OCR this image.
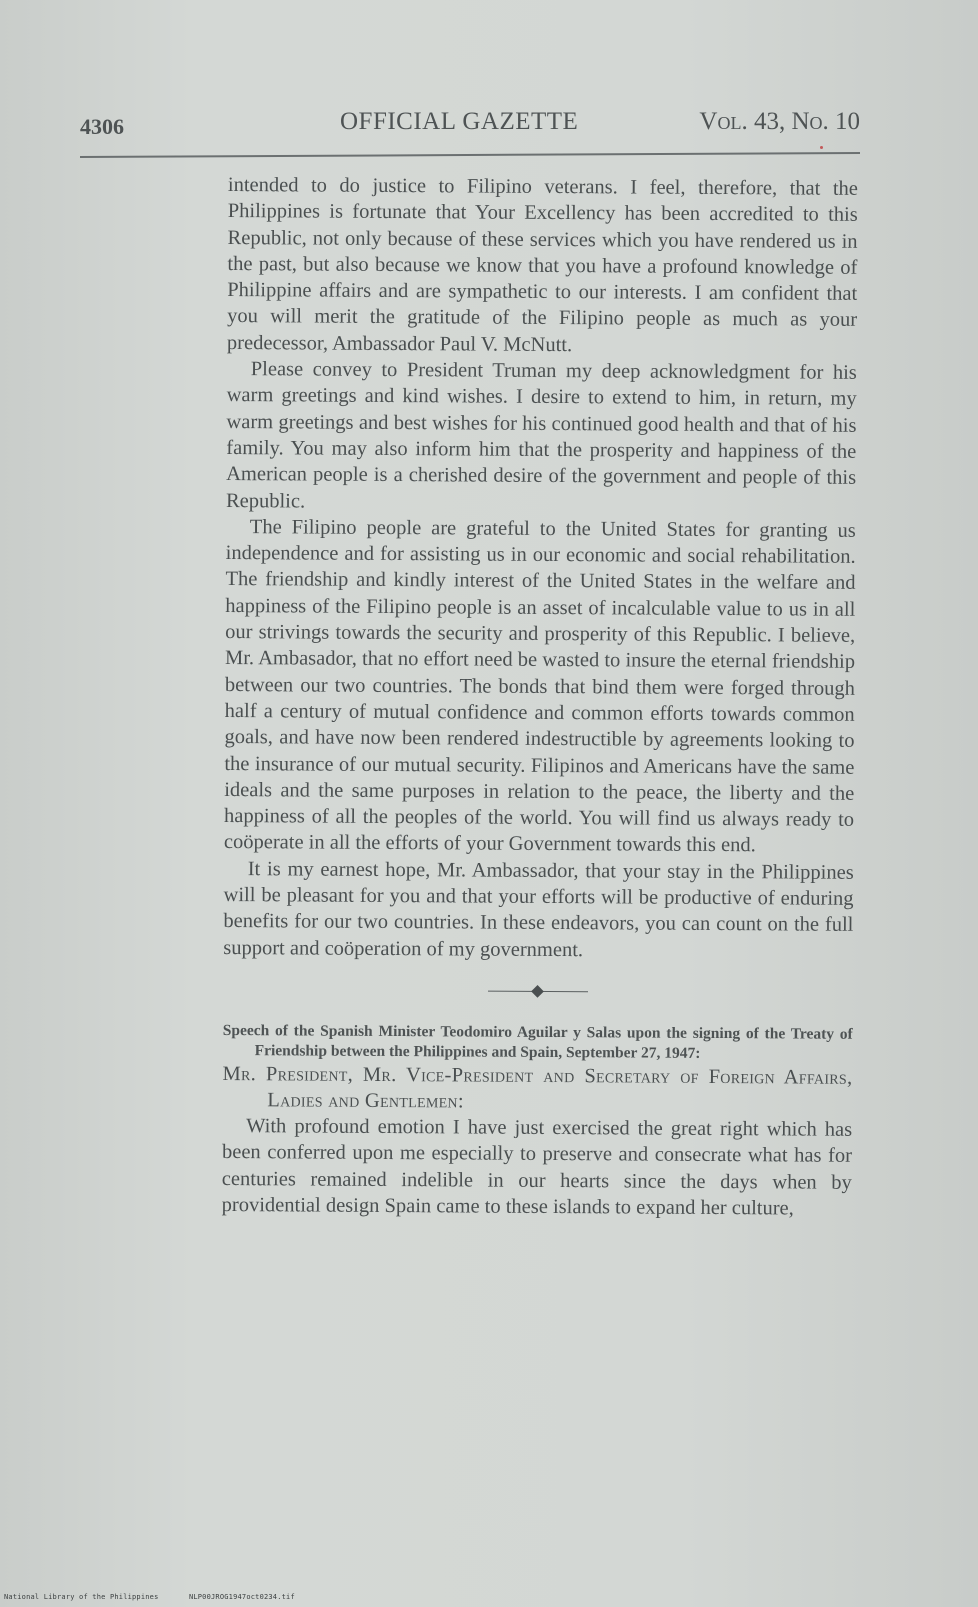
4306	OFFICIAL GAZETTE	Vol. 43, No. 10

intended to do justice to Filipino veterans. I feel, therefore, that the Philippines is fortunate that Your Excellency has been accredited to this Republic, not only because of these services which you have rendered us in the past, but also because we know that you have a profound knowledge of Philippine affairs and are sympathetic to our interests. I am confident that you will merit the gratitude of the Filipino people as much as your predecessor, Ambassador Paul V. McNutt.

Please convey to President Truman my deep acknowledgment for his warm greetings and kind wishes. I desire to extend to him, in return, my warm greetings and best wishes for his continued good health and that of his family. You may also inform him that the prosperity and happiness of the American people is a cherished desire of the government and people of this Republic.

The Filipino people are grateful to the United States for granting us independence and for assisting us in our economic and social rehabilitation. The friendship and kindly interest of the United States in the welfare and happiness of the Filipino people is an asset of incalculable value to us in all our strivings towards the security and prosperity of this Republic. I believe, Mr. Ambasador, that no effort need be wasted to insure the eternal friendship between our two countries. The bonds that bind them were forged through half a century of mutual confidence and common efforts towards common goals, and have now been rendered indestructible by agreements looking to the insurance of our mutual security. Filipinos and Americans have the same ideals and the same purposes in relation to the peace, the liberty and the happiness of all the peoples of the world. You will find us always ready to coöperate in all the efforts of your Government towards this end.

It is my earnest hope, Mr. Ambassador, that your stay in the Philippines will be pleasant for you and that your efforts will be productive of enduring benefits for our two countries. In these endeavors, you can count on the full support and coöperation of my government.

Speech of the Spanish Minister Teodomiro Aguilar y Salas upon the signing of the Treaty of Friendship between the Philippines and Spain, September 27, 1947:

Mr. President, Mr. Vice-President and Secretary of Foreign Affairs, Ladies and Gentlemen:

With profound emotion I have just exercised the great right which has been conferred upon me especially to preserve and consecrate what has for centuries remained indelible in our hearts since the days when by providential design Spain came to these islands to expand her culture,

National Library of the Philippines	NLP00JROG1947oct0234.tif
